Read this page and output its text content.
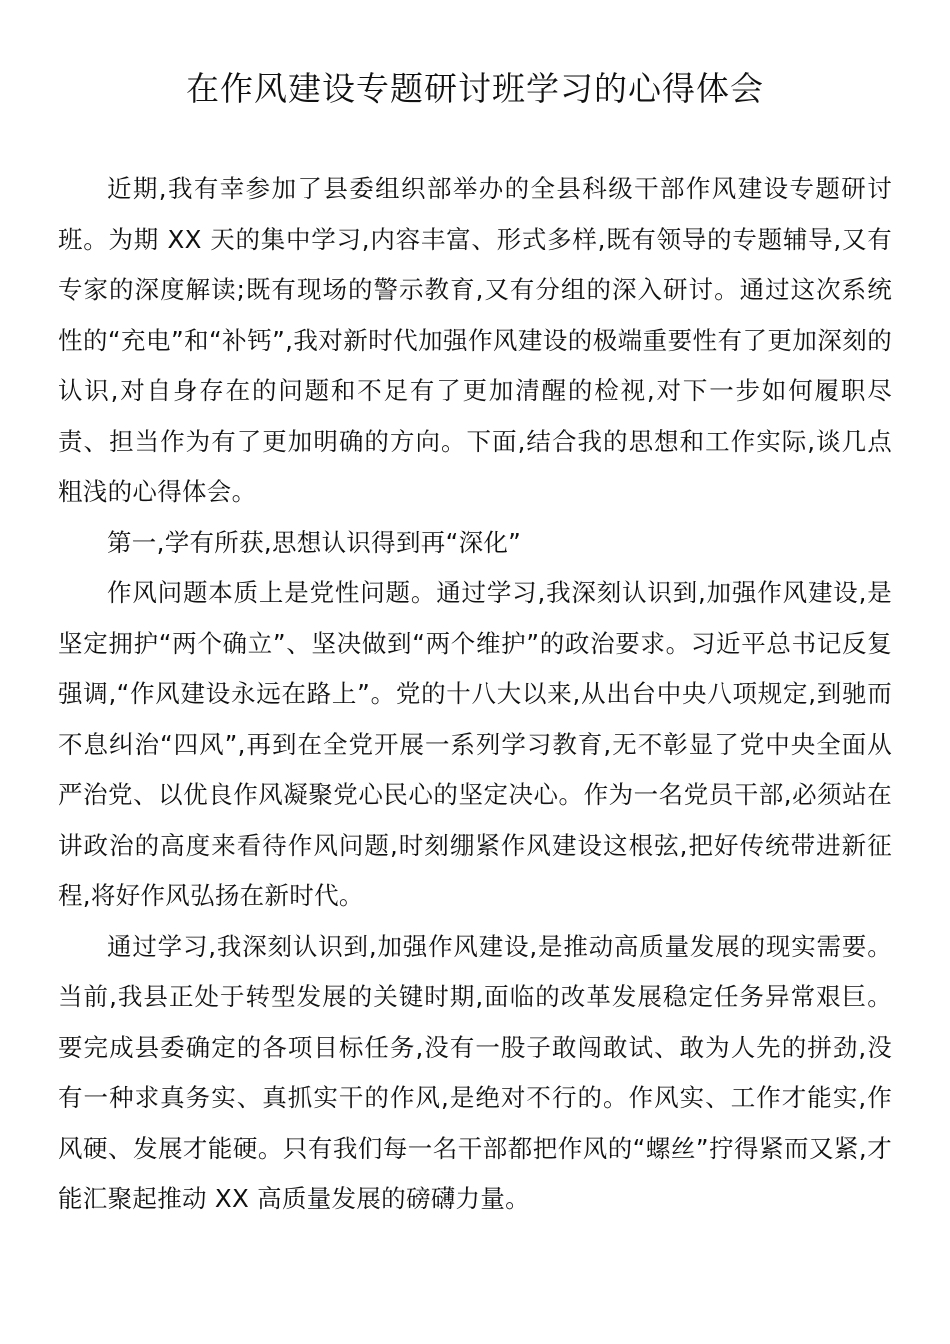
在作风建设专题研讨班学习的心得体会

近期,我有幸参加了县委组织部举办的全县科级干部作风建设专题研讨班。为期 XX 天的集中学习,内容丰富、形式多样,既有领导的专题辅导,又有专家的深度解读;既有现场的警示教育,又有分组的深入研讨。通过这次系统性的“充电”和“补钙”,我对新时代加强作风建设的极端重要性有了更加深刻的认识,对自身存在的问题和不足有了更加清醒的检视,对下一步如何履职尽责、担当作为有了更加明确的方向。下面,结合我的思想和工作实际,谈几点粗浅的心得体会。

第一,学有所获,思想认识得到再“深化”

作风问题本质上是党性问题。通过学习,我深刻认识到,加强作风建设,是坚定拥护“两个确立”、坚决做到“两个维护”的政治要求。习近平总书记反复强调,“作风建设永远在路上”。党的十八大以来,从出台中央八项规定,到驰而不息纠治“四风”,再到在全党开展一系列学习教育,无不彰显了党中央全面从严治党、以优良作风凝聚党心民心的坚定决心。作为一名党员干部,必须站在讲政治的高度来看待作风问题,时刻绷紧作风建设这根弦,把好传统带进新征程,将好作风弘扬在新时代。

通过学习,我深刻认识到,加强作风建设,是推动高质量发展的现实需要。当前,我县正处于转型发展的关键时期,面临的改革发展稳定任务异常艰巨。要完成县委确定的各项目标任务,没有一股子敢闯敢试、敢为人先的拼劲,没有一种求真务实、真抓实干的作风,是绝对不行的。作风实、工作才能实,作风硬、发展才能硬。只有我们每一名干部都把作风的“螺丝”拧得紧而又紧,才能汇聚起推动 XX 高质量发展的磅礴力量。
